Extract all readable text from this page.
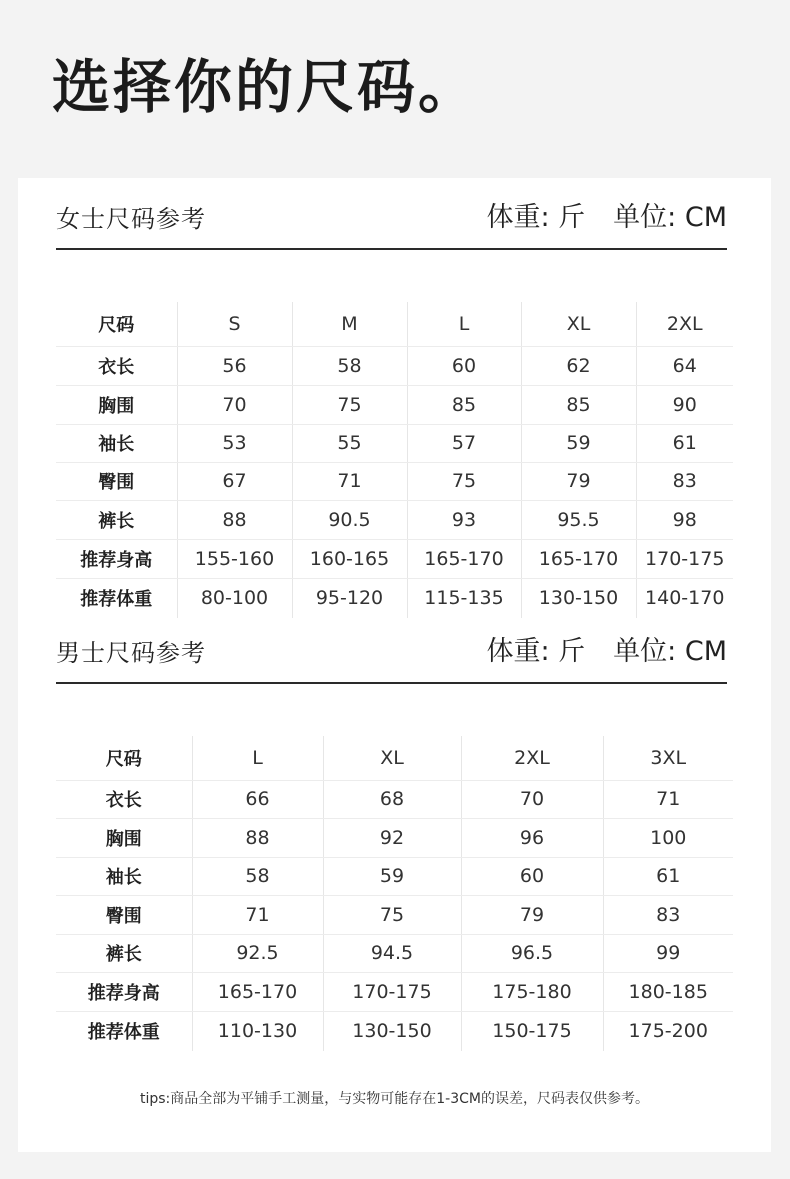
选择你的尺码。
女士尺码参考	体重: 斤 单位: CM
尺码	S	M	L	XL	2XL
衣长	56	58	60	62	64
胸围	70	75	85	85	90
袖长	53	55	57	59	61
臀围	67	71	75	79	83
裤长	88	90.5	93	95.5	98
推荐身高	155-160	160-165	165-170	165-170	170-175
推荐体重	80-100	95-120	115-135	130-150	140-170
男士尺码参考	体重: 斤 单位: CM
尺码	L	XL	2XL	3XL
衣长	66	68	70	71
胸围	88	92	96	100
袖长	58	59	60	61
臀围	71	75	79	83
裤长	92.5	94.5	96.5	99
推荐身高	165-170	170-175	175-180	180-185
推荐体重	110-130	130-150	150-175	175-200
tips:商品全部为平铺手工测量，与实物可能存在1-3CM的误差，尺码表仅供参考。
